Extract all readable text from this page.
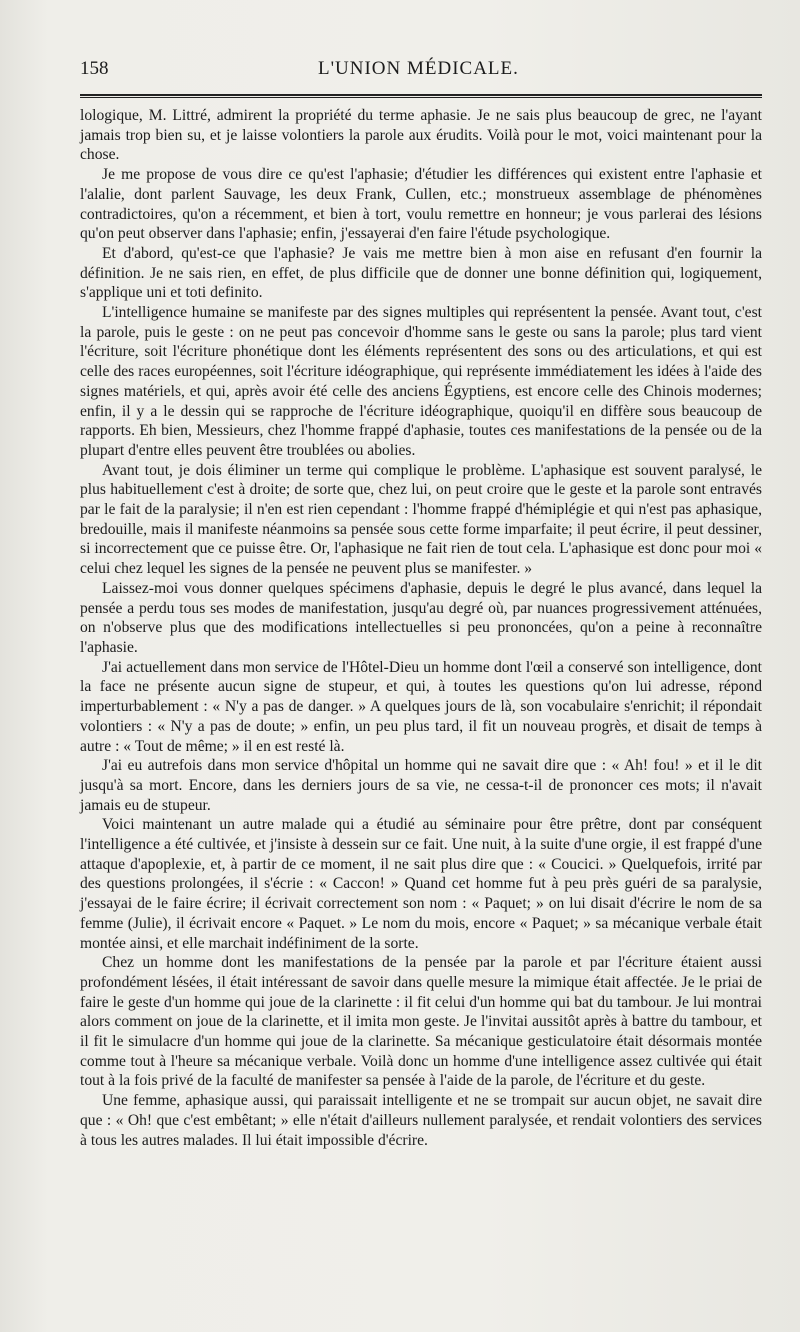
158	L'UNION MÉDICALE.

lologique, M. Littré, admirent la propriété du terme aphasie. Je ne sais plus beaucoup de grec, ne l'ayant jamais trop bien su, et je laisse volontiers la parole aux érudits. Voilà pour le mot, voici maintenant pour la chose.

Je me propose de vous dire ce qu'est l'aphasie; d'étudier les différences qui existent entre l'aphasie et l'alalie, dont parlent Sauvage, les deux Frank, Cullen, etc.; monstrueux assemblage de phénomènes contradictoires, qu'on a récemment, et bien à tort, voulu remettre en honneur; je vous parlerai des lésions qu'on peut observer dans l'aphasie; enfin, j'essayerai d'en faire l'étude psychologique.

Et d'abord, qu'est-ce que l'aphasie? Je vais me mettre bien à mon aise en refusant d'en fournir la définition. Je ne sais rien, en effet, de plus difficile que de donner une bonne définition qui, logiquement, s'applique uni et toti definito.

L'intelligence humaine se manifeste par des signes multiples qui représentent la pensée. Avant tout, c'est la parole, puis le geste : on ne peut pas concevoir d'homme sans le geste ou sans la parole; plus tard vient l'écriture, soit l'écriture phonétique dont les éléments représentent des sons ou des articulations, et qui est celle des races européennes, soit l'écriture idéographique, qui représente immédiatement les idées à l'aide des signes matériels, et qui, après avoir été celle des anciens Égyptiens, est encore celle des Chinois modernes; enfin, il y a le dessin qui se rapproche de l'écriture idéographique, quoiqu'il en diffère sous beaucoup de rapports. Eh bien, Messieurs, chez l'homme frappé d'aphasie, toutes ces manifestations de la pensée ou de la plupart d'entre elles peuvent être troublées ou abolies.

Avant tout, je dois éliminer un terme qui complique le problème. L'aphasique est souvent paralysé, le plus habituellement c'est à droite; de sorte que, chez lui, on peut croire que le geste et la parole sont entravés par le fait de la paralysie; il n'en est rien cependant : l'homme frappé d'hémiplégie et qui n'est pas aphasique, bredouille, mais il manifeste néanmoins sa pensée sous cette forme imparfaite; il peut écrire, il peut dessiner, si incorrectement que ce puisse être. Or, l'aphasique ne fait rien de tout cela. L'aphasique est donc pour moi « celui chez lequel les signes de la pensée ne peuvent plus se manifester. »

Laissez-moi vous donner quelques spécimens d'aphasie, depuis le degré le plus avancé, dans lequel la pensée a perdu tous ses modes de manifestation, jusqu'au degré où, par nuances progressivement atténuées, on n'observe plus que des modifications intellectuelles si peu prononcées, qu'on a peine à reconnaître l'aphasie.

J'ai actuellement dans mon service de l'Hôtel-Dieu un homme dont l'œil a conservé son intelligence, dont la face ne présente aucun signe de stupeur, et qui, à toutes les questions qu'on lui adresse, répond imperturbablement : « N'y a pas de danger. » A quelques jours de là, son vocabulaire s'enrichit; il répondait volontiers : « N'y a pas de doute; » enfin, un peu plus tard, il fit un nouveau progrès, et disait de temps à autre : « Tout de même; » il en est resté là.

J'ai eu autrefois dans mon service d'hôpital un homme qui ne savait dire que : « Ah! fou! » et il le dit jusqu'à sa mort. Encore, dans les derniers jours de sa vie, ne cessa-t-il de prononcer ces mots; il n'avait jamais eu de stupeur.

Voici maintenant un autre malade qui a étudié au séminaire pour être prêtre, dont par conséquent l'intelligence a été cultivée, et j'insiste à dessein sur ce fait. Une nuit, à la suite d'une orgie, il est frappé d'une attaque d'apoplexie, et, à partir de ce moment, il ne sait plus dire que : « Coucici. » Quelquefois, irrité par des questions prolongées, il s'écrie : « Caccon! » Quand cet homme fut à peu près guéri de sa paralysie, j'essayai de le faire écrire; il écrivait correctement son nom : « Paquet; » on lui disait d'écrire le nom de sa femme (Julie), il écrivait encore « Paquet. » Le nom du mois, encore « Paquet; » sa mécanique verbale était montée ainsi, et elle marchait indéfiniment de la sorte.

Chez un homme dont les manifestations de la pensée par la parole et par l'écriture étaient aussi profondément lésées, il était intéressant de savoir dans quelle mesure la mimique était affectée. Je le priai de faire le geste d'un homme qui joue de la clarinette : il fit celui d'un homme qui bat du tambour. Je lui montrai alors comment on joue de la clarinette, et il imita mon geste. Je l'invitai aussitôt après à battre du tambour, et il fit le simulacre d'un homme qui joue de la clarinette. Sa mécanique gesticulatoire était désormais montée comme tout à l'heure sa mécanique verbale. Voilà donc un homme d'une intelligence assez cultivée qui était tout à la fois privé de la faculté de manifester sa pensée à l'aide de la parole, de l'écriture et du geste.

Une femme, aphasique aussi, qui paraissait intelligente et ne se trompait sur aucun objet, ne savait dire que : « Oh! que c'est embêtant; » elle n'était d'ailleurs nullement paralysée, et rendait volontiers des services à tous les autres malades. Il lui était impossible d'écrire.
